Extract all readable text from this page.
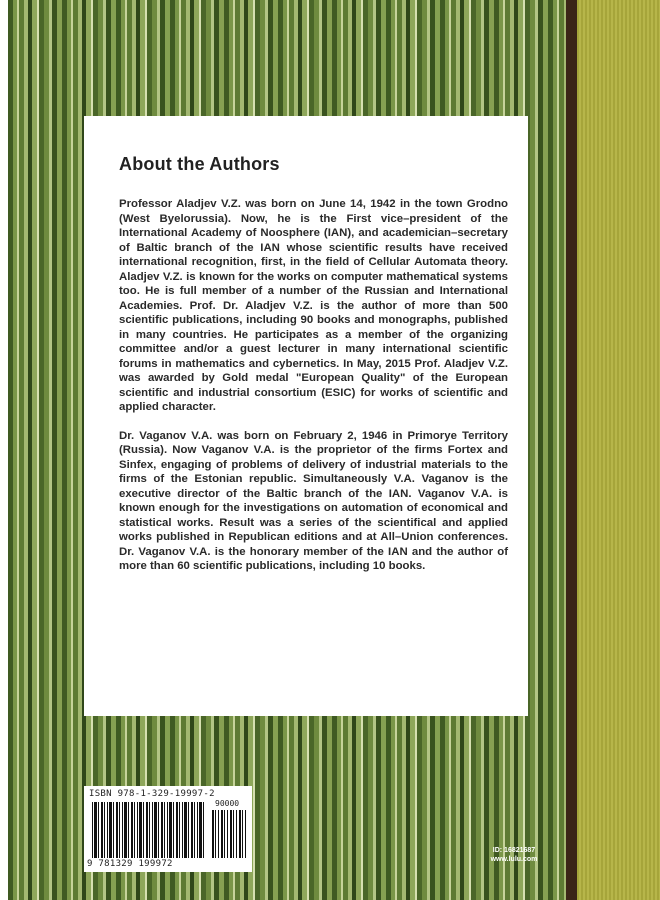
About the Authors

Professor Aladjev V.Z. was born on June 14, 1942 in the town Grodno (West Byelorussia). Now, he is the First vice–president of the International Academy of Noosphere (IAN), and academician–secretary of Baltic branch of the IAN whose scientific results have received international recognition, first, in the field of Cellular Automata theory. Aladjev V.Z. is known for the works on computer mathematical systems too. He is full member of a number of the Russian and International Academies. Prof. Dr. Aladjev V.Z. is the author of more than 500 scientific publications, including 90 books and monographs, published in many countries. He participates as a member of the organizing committee and/or a guest lecturer in many international scientific forums in mathematics and cybernetics. In May, 2015 Prof. Aladjev V.Z. was awarded by Gold medal "European Quality" of the European scientific and industrial consortium (ESIC) for works of scientific and applied character.

Dr. Vaganov V.A. was born on February 2, 1946 in Primorye Territory (Russia). Now Vaganov V.A. is the proprietor of the firms Fortex and Sinfex, engaging of problems of delivery of industrial materials to the firms of the Estonian republic. Simultaneously V.A. Vaganov is the executive director of the Baltic branch of the IAN. Vaganov V.A. is known enough for the investigations on automation of economical and statistical works. Result was a series of the scientifical and applied works published in Republican editions and at All–Union conferences. Dr. Vaganov V.A. is the honorary member of the IAN and the author of more than 60 scientific publications, including 10 books.

ISBN 978-1-329-19997-2
90000
9 781329 199972
ID: 16821687
www.lulu.com
